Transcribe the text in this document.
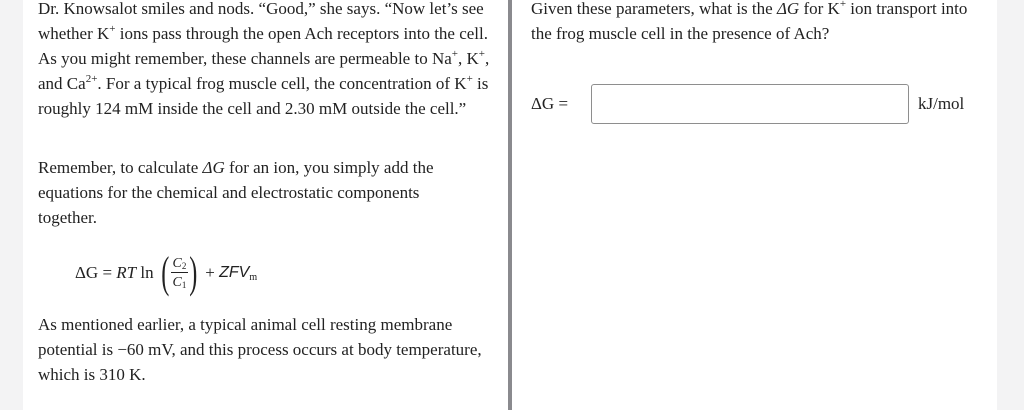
Dr. Knowsalot smiles and nods. “Good,” she says. “Now let’s see whether K+ ions pass through the open Ach receptors into the cell. As you might remember, these channels are permeable to Na+, K+, and $Ca^{2+}$. For a typical frog muscle cell, the concentration of K+ is roughly 124 mM inside the cell and 2.30 mM outside the cell.”

Remember, to calculate ΔG for an ion, you simply add the equations for the chemical and electrostatic components together.

ΔG = RT ln ( $\frac{C_2}{C_1}$ ) + $ZFV_m$

As mentioned earlier, a typical animal cell resting membrane potential is −60 mV, and this process occurs at body temperature, which is 310 K.

Given these parameters, what is the ΔG for K+ ion transport into the frog muscle cell in the presence of Ach?

ΔG =	kJ/mol
